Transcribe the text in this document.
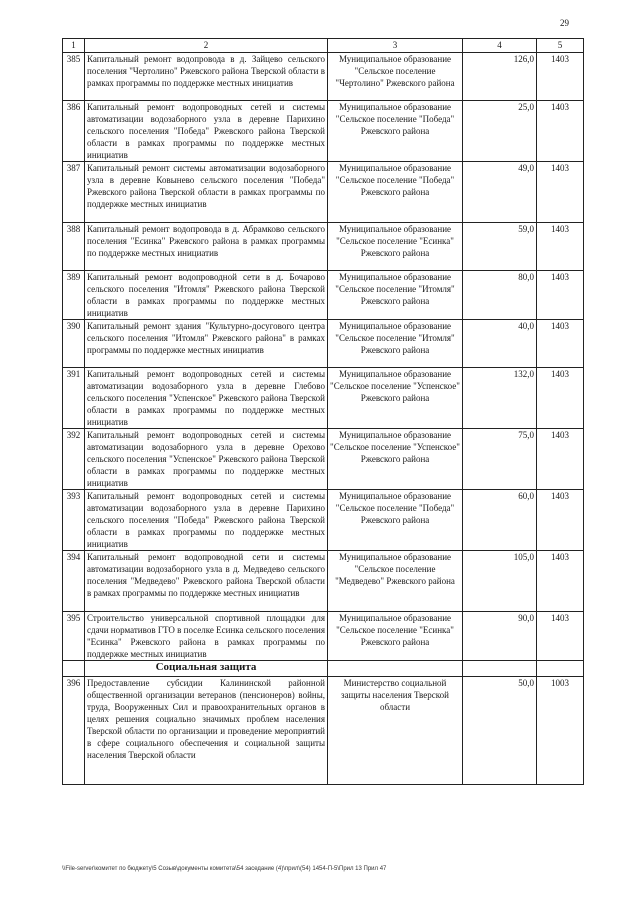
29
1	2	3	4	5
385	Капитальный ремонт водопровода в д. Зайцево сельского поселения "Чертолино" Ржевского района Тверской области в рамках программы по поддержке местных инициатив	Муниципальное образование "Сельское поселение "Чертолино" Ржевского района	126,0	1403
386	Капитальный ремонт водопроводных сетей и системы автоматизации водозаборного узла в деревне Парихино сельского поселения "Победа" Ржевского района Тверской области в рамках программы по поддержке местных инициатив	Муниципальное образование "Сельское поселение "Победа" Ржевского района	25,0	1403
387	Капитальный ремонт системы автоматизации водозаборного узла в деревне Ковынево сельского поселения "Победа" Ржевского района Тверской области в рамках программы по поддержке местных инициатив	Муниципальное образование "Сельское поселение "Победа" Ржевского района	49,0	1403
388	Капитальный ремонт водопровода в д. Абрамково сельского поселения "Есинка" Ржевского района в рамках программы по поддержке местных инициатив	Муниципальное образование "Сельское поселение "Есинка" Ржевского района	59,0	1403
389	Капитальный ремонт водопроводной сети в д. Бочарово сельского поселения "Итомля" Ржевского района Тверской области в рамках программы по поддержке местных инициатив	Муниципальное образование "Сельское поселение "Итомля" Ржевского района	80,0	1403
390	Капитальный ремонт здания "Культурно-досугового центра сельского поселения "Итомля" Ржевского района" в рамках программы по поддержке местных инициатив	Муниципальное образование "Сельское поселение "Итомля" Ржевского района	40,0	1403
391	Капитальный ремонт водопроводных сетей и системы автоматизации водозаборного узла в деревне Глебово сельского поселения "Успенское" Ржевского района Тверской области в рамках программы по поддержке местных инициатив	Муниципальное образование "Сельское поселение "Успенское" Ржевского района	132,0	1403
392	Капитальный ремонт водопроводных сетей и системы автоматизации водозаборного узла в деревне Орехово сельского поселения "Успенское" Ржевского района Тверской области в рамках программы по поддержке местных инициатив	Муниципальное образование "Сельское поселение "Успенское" Ржевского района	75,0	1403
393	Капитальный ремонт водопроводных сетей и системы автоматизации водозаборного узла в деревне Парихино сельского поселения "Победа" Ржевского района Тверской области в рамках программы по поддержке местных инициатив	Муниципальное образование "Сельское поселение "Победа" Ржевского района	60,0	1403
394	Капитальный ремонт водопроводной сети и системы автоматизации водозаборного узла в д. Медведево сельского поселения "Медведево" Ржевского района Тверской области в рамках программы по поддержке местных инициатив	Муниципальное образование "Сельское поселение "Медведево" Ржевского района	105,0	1403
395	Строительство универсальной спортивной площадки для сдачи нормативов ГТО в поселке Есинка сельского поселения "Есинка" Ржевского района в рамках программы по поддержке местных инициатив	Муниципальное образование "Сельское поселение "Есинка" Ржевского района	90,0	1403
	Социальная защита			
396	Предоставление субсидии Калининской районной общественной организации ветеранов (пенсионеров) войны, труда, Вооруженных Сил и правоохранительных органов в целях решения социально значимых проблем населения Тверской области по организации и проведение мероприятий в сфере социального обеспечения и социальной защиты населения Тверской области	Министерство социальной защиты населения Тверской области	50,0	1003
\\File-server\комитет по бюджету\5 Созыв\документы комитета\54 заседание (4)\прил\(54) 1454-П-5\Прил 13 Прил 47
